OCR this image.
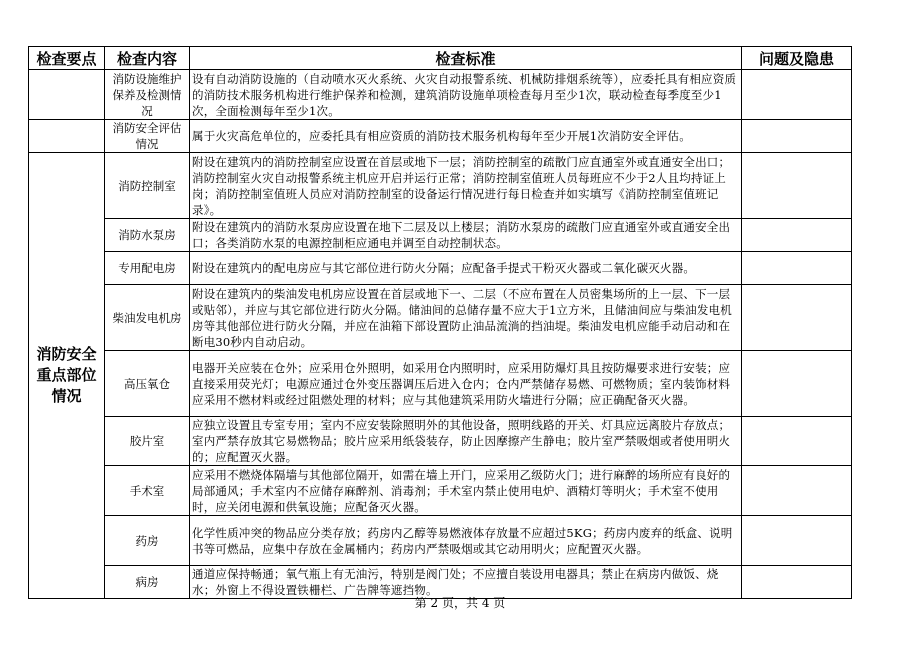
检查要点	检查内容	检查标准	问题及隐患
	消防设施维护保养及检测情况	设有自动消防设施的（自动喷水灭火系统、火灾自动报警系统、机械防排烟系统等），应委托具有相应资质的消防技术服务机构进行维护保养和检测，建筑消防设施单项检查每月至少1次，联动检查每季度至少1次，全面检测每年至少1次。	
	消防安全评估情况	属于火灾高危单位的，应委托具有相应资质的消防技术服务机构每年至少开展1次消防安全评估。	
消防安全重点部位情况	消防控制室	附设在建筑内的消防控制室应设置在首层或地下一层；消防控制室的疏散门应直通室外或直通安全出口；消防控制室火灾自动报警系统主机应开启并运行正常；消防控制室值班人员每班应不少于2人且均持证上岗；消防控制室值班人员应对消防控制室的设备运行情况进行每日检查并如实填写《消防控制室值班记录》。	
	消防水泵房	附设在建筑内的消防水泵房应设置在地下二层及以上楼层；消防水泵房的疏散门应直通室外或直通安全出口；各类消防水泵的电源控制柜应通电并调至自动控制状态。	
	专用配电房	附设在建筑内的配电房应与其它部位进行防火分隔；应配备手提式干粉灭火器或二氧化碳灭火器。	
	柴油发电机房	附设在建筑内的柴油发电机房应设置在首层或地下一、二层（不应布置在人员密集场所的上一层、下一层或贴邻），并应与其它部位进行防火分隔。储油间的总储存量不应大于1立方米，且储油间应与柴油发电机房等其他部位进行防火分隔，并应在油箱下部设置防止油品流淌的挡油堤。柴油发电机应能手动启动和在断电30秒内自动启动。	
	高压氧仓	电器开关应装在仓外；应采用仓外照明，如采用仓内照明时，应采用防爆灯具且按防爆要求进行安装；应直接采用荧光灯；电源应通过仓外变压器调压后进入仓内；仓内严禁储存易燃、可燃物质；室内装饰材料应采用不燃材料或经过阻燃处理的材料；应与其他建筑采用防火墙进行分隔；应正确配备灭火器。	
	胶片室	应独立设置且专室专用；室内不应安装除照明外的其他设备，照明线路的开关、灯具应远离胶片存放点；室内严禁存放其它易燃物品；胶片应采用纸袋装存，防止因摩擦产生静电；胶片室严禁吸烟或者使用明火的；应配置灭火器。	
	手术室	应采用不燃烧体隔墙与其他部位隔开，如需在墙上开门，应采用乙级防火门；进行麻醉的场所应有良好的局部通风；手术室内不应储存麻醉剂、消毒剂；手术室内禁止使用电炉、酒精灯等明火；手术室不使用时，应关闭电源和供氧设施；应配备灭火器。	
	药房	化学性质冲突的物品应分类存放；药房内乙醇等易燃液体存放量不应超过5KG；药房内废弃的纸盒、说明书等可燃品，应集中存放在金属桶内；药房内严禁吸烟或其它动用明火；应配置灭火器。	
	病房	通道应保持畅通；氧气瓶上有无油污，特别是阀门处；不应擅自装设用电器具；禁止在病房内做饭、烧水；外窗上不得设置铁栅栏、广告牌等遮挡物。	
第 2 页，共 4 页
